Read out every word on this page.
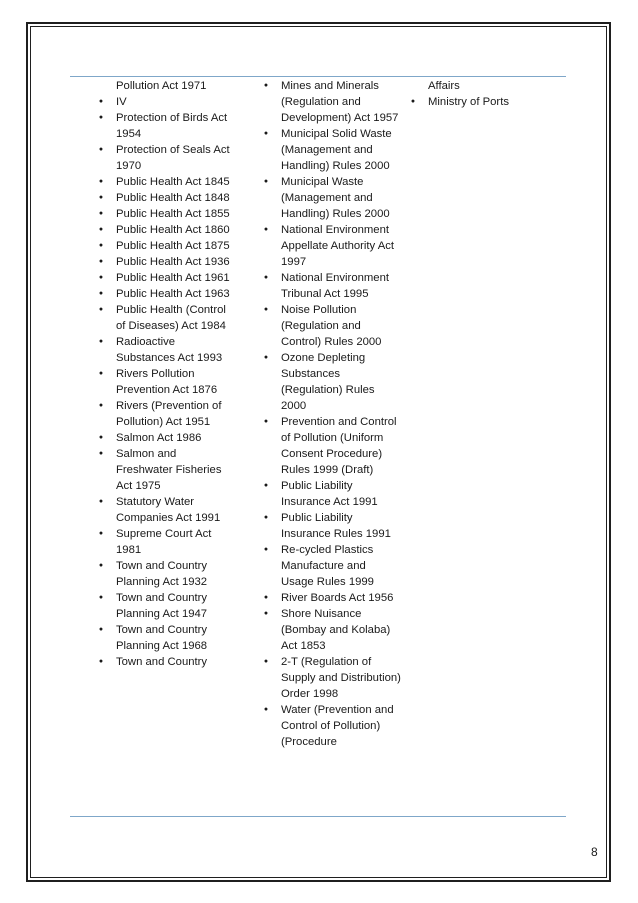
Pollution Act 1971
● IV
● Protection of Birds Act 1954
● Protection of Seals Act 1970
● Public Health Act 1845
● Public Health Act 1848
● Public Health Act 1855
● Public Health Act 1860
● Public Health Act 1875
● Public Health Act 1936
● Public Health Act 1961
● Public Health Act 1963
● Public Health (Control of Diseases) Act 1984
● Radioactive Substances Act 1993
● Rivers Pollution Prevention Act 1876
● Rivers (Prevention of Pollution) Act 1951
● Salmon Act 1986
● Salmon and Freshwater Fisheries Act 1975
● Statutory Water Companies Act 1991
● Supreme Court Act 1981
● Town and Country Planning Act 1932
● Town and Country Planning Act 1947
● Town and Country Planning Act 1968
● Town and Country
● Mines and Minerals (Regulation and Development) Act 1957
● Municipal Solid Waste (Management and Handling) Rules 2000
● Municipal Waste (Management and Handling) Rules 2000
● National Environment Appellate Authority Act 1997
● National Environment Tribunal Act 1995
● Noise Pollution (Regulation and Control) Rules 2000
● Ozone Depleting Substances (Regulation) Rules 2000
● Prevention and Control of Pollution (Uniform Consent Procedure) Rules 1999 (Draft)
● Public Liability Insurance Act 1991
● Public Liability Insurance Rules 1991
● Re-cycled Plastics Manufacture and Usage Rules 1999
● River Boards Act 1956
● Shore Nuisance (Bombay and Kolaba) Act 1853
● 2-T (Regulation of Supply and Distribution) Order 1998
● Water (Prevention and Control of Pollution) (Procedure
Affairs
● Ministry of Ports
8
